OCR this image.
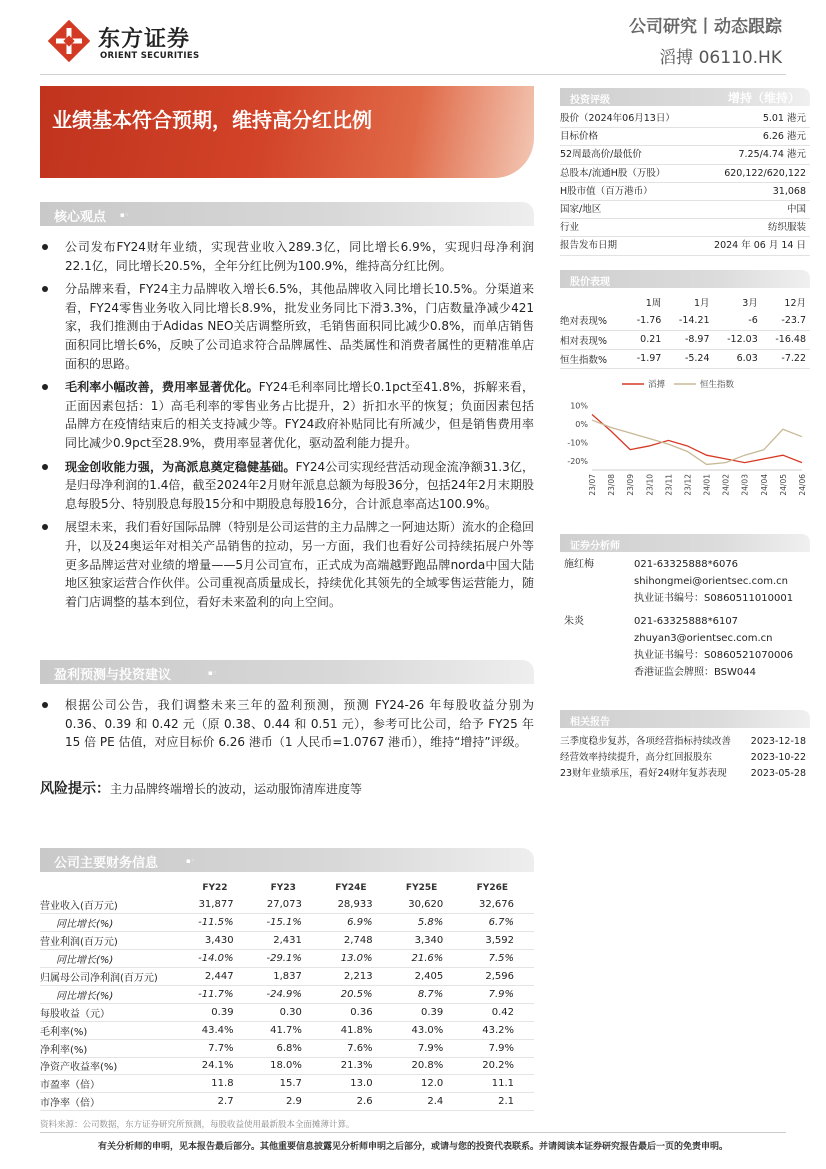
东方证券
ORIENT SECURITIES
公司研究丨动态跟踪
滔搏 06110.HK
业绩基本符合预期，维持高分红比例
核心观点 ▪◦
公司发布FY24财年业绩，实现营业收入289.3亿，同比增长6.9%，实现归母净利润22.1亿，同比增长20.5%，全年分红比例为100.9%，维持高分红比例。
分品牌来看，FY24主力品牌收入增长6.5%，其他品牌收入同比增长10.5%。分渠道来看，FY24零售业务收入同比增长8.9%，批发业务同比下滑3.3%，门店数量净减少421家，我们推测由于Adidas NEO关店调整所致，毛销售面积同比减少0.8%，而单店销售面积同比增长6%，反映了公司追求符合品牌属性、品类属性和消费者属性的更精准单店面积的思路。
毛利率小幅改善，费用率显著优化。FY24毛利率同比增长0.1pct至41.8%，拆解来看，正面因素包括：1）高毛利率的零售业务占比提升，2）折扣水平的恢复；负面因素包括品牌方在疫情结束后的相关支持减少等。FY24政府补贴同比有所减少，但是销售费用率同比减少0.9pct至28.9%，费用率显著优化，驱动盈利能力提升。
现金创收能力强，为高派息奠定稳健基础。FY24公司实现经营活动现金流净额31.3亿，是归母净利润的1.4倍，截至2024年2月财年派息总额为每股36分，包括24年2月末期股息每股5分、特别股息每股15分和中期股息每股16分，合计派息率高达100.9%。
展望未来，我们看好国际品牌（特别是公司运营的主力品牌之一阿迪达斯）流水的企稳回升，以及24奥运年对相关产品销售的拉动，另一方面，我们也看好公司持续拓展户外等更多品牌运营对业绩的增量——5月公司宣布，正式成为高端越野跑品牌norda中国大陆地区独家运营合作伙伴。公司重视高质量成长，持续优化其领先的全域零售运营能力，随着门店调整的基本到位，看好未来盈利的向上空间。
盈利预测与投资建议	▪◦
根据公司公告，我们调整未来三年的盈利预测，预测 FY24-26 年每股收益分别为 0.36、0.39 和 0.42 元（原 0.38、0.44 和 0.51 元），参考可比公司，给予 FY25 年 15 倍 PE 估值，对应目标价 6.26 港币（1 人民币=1.0767 港币），维持“增持”评级。
风险提示：主力品牌终端增长的波动，运动服饰清库进度等
公司主要财务信息	▪◦
	FY22	FY23	FY24E	FY25E	FY26E
营业收入(百万元)	31,877	27,073	28,933	30,620	32,676
同比增长(%)	-11.5%	-15.1%	6.9%	5.8%	6.7%
营业利润(百万元)	3,430	2,431	2,748	3,340	3,592
同比增长(%)	-14.0%	-29.1%	13.0%	21.6%	7.5%
归属母公司净利润(百万元)	2,447	1,837	2,213	2,405	2,596
同比增长(%)	-11.7%	-24.9%	20.5%	8.7%	7.9%
每股收益（元）	0.39	0.30	0.36	0.39	0.42
毛利率(%)	43.4%	41.7%	41.8%	43.0%	43.2%
净利率(%)	7.7%	6.8%	7.6%	7.9%	7.9%
净资产收益率(%)	24.1%	18.0%	21.3%	20.8%	20.2%
市盈率（倍）	11.8	15.7	13.0	12.0	11.1
市净率（倍）	2.7	2.9	2.6	2.4	2.1
资料来源：公司数据，东方证券研究所预测，每股收益使用最新股本全面摊薄计算。
有关分析师的申明，见本报告最后部分。其他重要信息披露见分析师申明之后部分，或请与您的投资代表联系。并请阅读本证券研究报告最后一页的免责申明。
投资评级	增持（维持）
股价（2024年06月13日）	5.01 港元
目标价格	6.26 港元
52周最高价/最低价	7.25/4.74 港元
总股本/流通H股（万股）	620,122/620,122
H股市值（百万港币）	31,068
国家/地区	中国
行业	纺织服装
报告发布日期	2024 年 06 月 14 日
股价表现
	1周	1月	3月	12月
绝对表现%	-1.76	-14.21	-6	-23.7
相对表现%	0.21	-8.97	-12.03	-16.48
恒生指数%	-1.97	-5.24	6.03	-7.22
滔搏	恒生指数
10%
0%
-10%
-20%
23/07 23/08 23/09 23/10 23/11 23/12 24/01 24/02 24/03 24/04 24/05 24/06
证券分析师
施红梅	021-63325888*6076
shihongmei@orientsec.com.cn
执业证书编号：S0860511010001
朱炎	021-63325888*6107
zhuyan3@orientsec.com.cn
执业证书编号：S0860521070006
香港证监会牌照：BSW044
相关报告
三季度稳步复苏，各项经营指标持续改善 2023-12-18
经营效率持续提升，高分红回报股东	2023-10-22
23财年业绩承压，看好24财年复苏表现	2023-05-28
